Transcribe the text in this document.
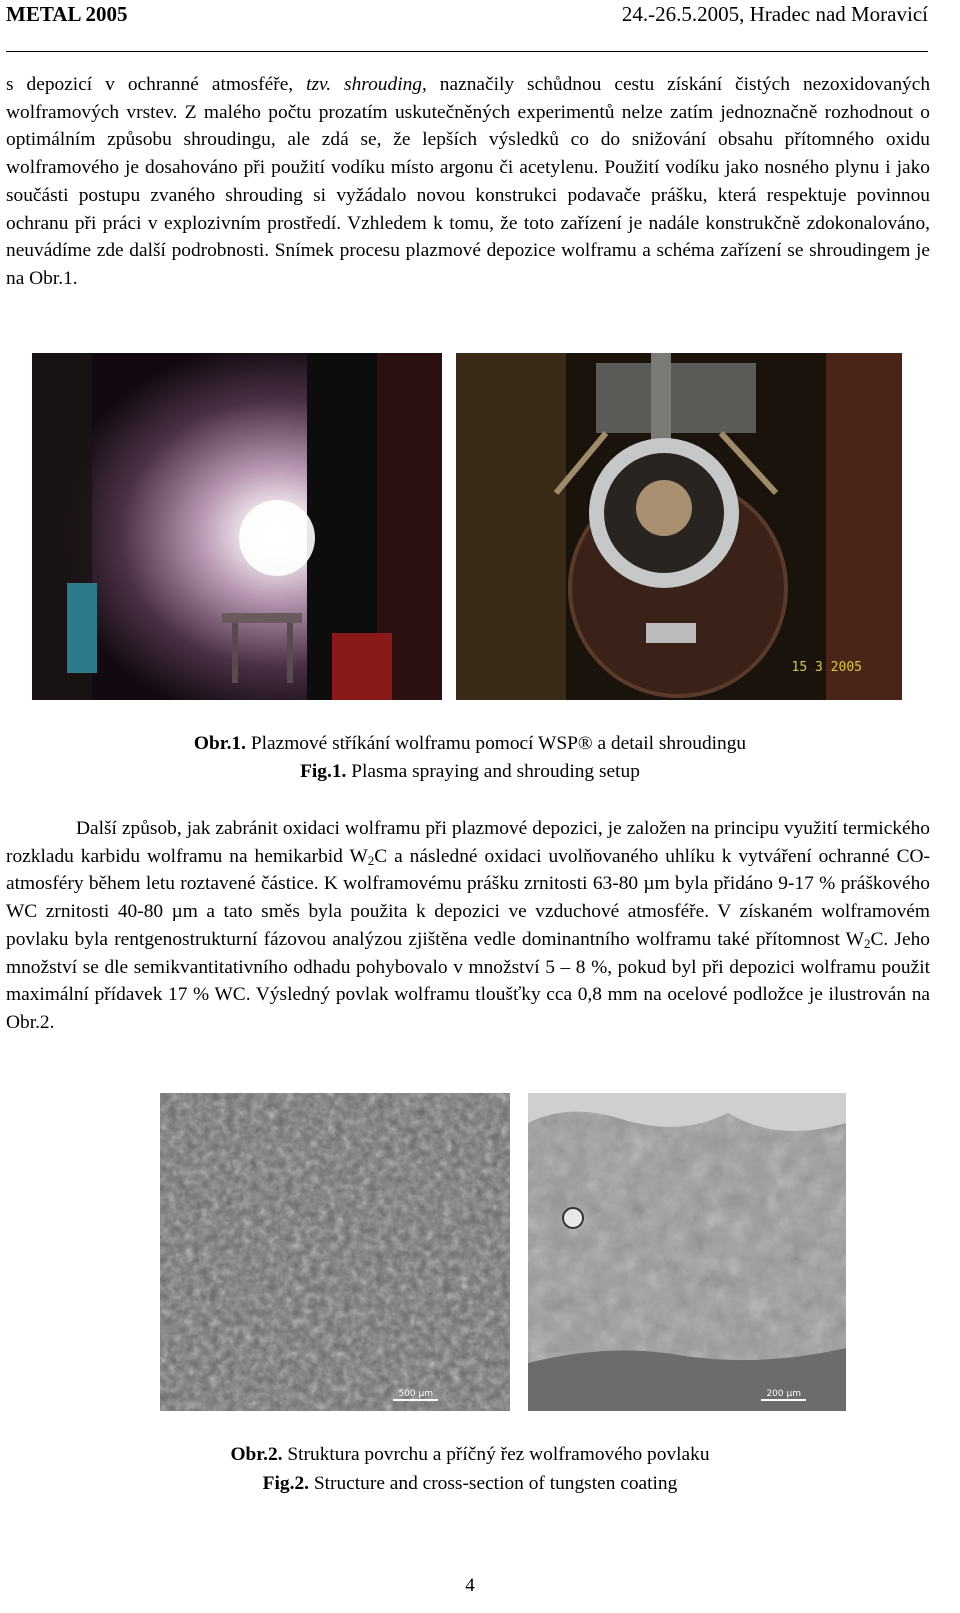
METAL 2005	24.-26.5.2005, Hradec nad Moravicí
s depozicí v ochranné atmosféře, tzv. shrouding, naznačily schůdnou cestu získání čistých nezoxidovaných wolframových vrstev. Z malého počtu prozatím uskutečněných experimentů nelze zatím jednoznačně rozhodnout o optimálním způsobu shroudingu, ale zdá se, že lepších výsledků co do snižování obsahu přítomného oxidu wolframového je dosahováno při použití vodíku místo argonu či acetylenu. Použití vodíku jako nosného plynu i jako součásti postupu zvaného shrouding si vyžádalo novou konstrukci podavače prášku, která respektuje povinnou ochranu při práci v explozivním prostředí. Vzhledem k tomu, že toto zařízení je nadále konstrukčně zdokonalováno, neuvádíme zde další podrobnosti. Snímek procesu plazmové depozice wolframu a schéma zařízení se shroudingem je na Obr.1.
15 3 2005
Obr.1. Plazmové stříkání wolframu pomocí WSP® a detail shroudingu
Fig.1. Plasma spraying and shrouding setup
Další způsob, jak zabránit oxidaci wolframu při plazmové depozici, je založen na principu využití termického rozkladu karbidu wolframu na hemikarbid $W_2C$ a následné oxidaci uvolňovaného uhlíku k vytváření ochranné CO-atmosféry během letu roztavené částice. K wolframovému prášku zrnitosti 63-80 µm byla přidáno 9-17 % práškového WC zrnitosti 40-80 µm a tato směs byla použita k depozici ve vzduchové atmosféře. V získaném wolframovém povlaku byla rentgenostrukturní fázovou analýzou zjištěna vedle dominantního wolframu také přítomnost $W_2C$. Jeho množství se dle semikvantitativního odhadu pohybovalo v množství 5 – 8 %, pokud byl při depozici wolframu použit maximální přídavek 17 % WC. Výsledný povlak wolframu tloušťky cca 0,8 mm na ocelové podložce je ilustrován na Obr.2.
500 µm	200 µm
Obr.2. Struktura povrchu a příčný řez wolframového povlaku
Fig.2. Structure and cross-section of tungsten coating
4
